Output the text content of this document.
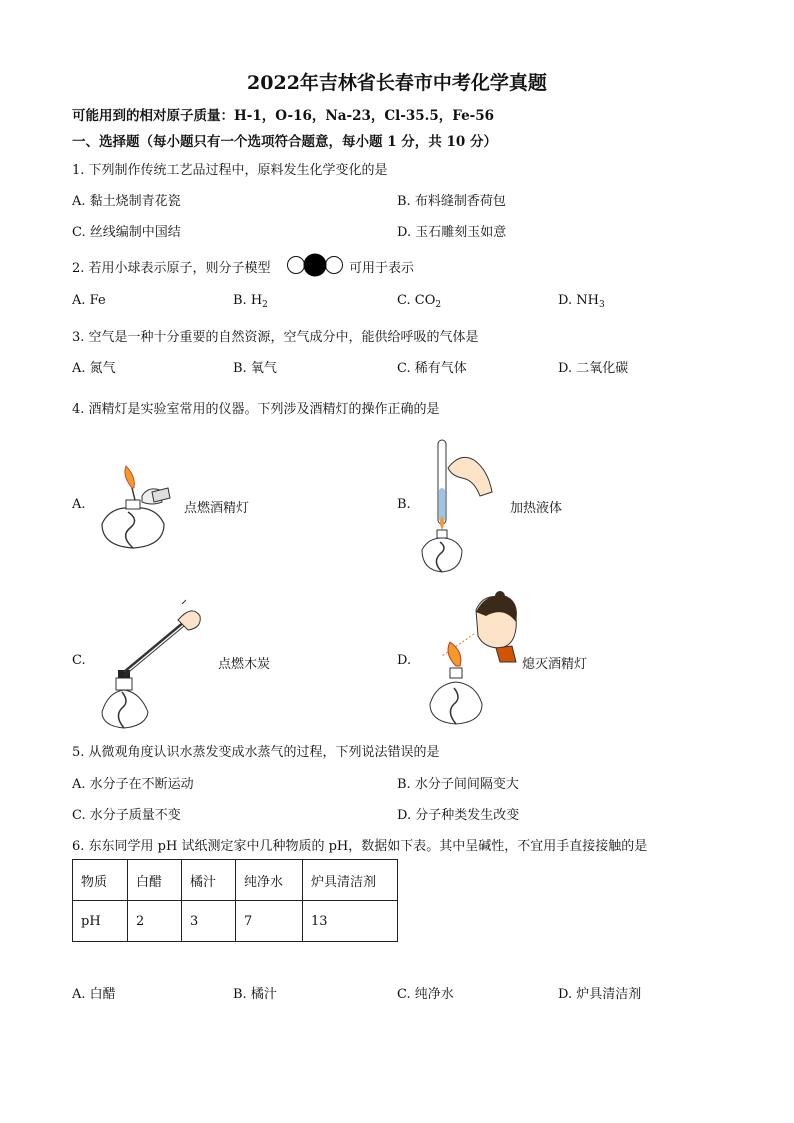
2022年吉林省长春市中考化学真题
可能用到的相对原子质量：H-1，O-16，Na-23，Cl-35.5，Fe-56
一、选择题（每小题只有一个选项符合题意，每小题 1 分，共 10 分）
1. 下列制作传统工艺品过程中，原料发生化学变化的是
A. 黏土烧制青花瓷	B. 布料缝制香荷包
C. 丝线编制中国结	D. 玉石雕刻玉如意
2. 若用小球表示原子，则分子模型	可用于表示
A. Fe	B. $H_2$	C. $CO_2$	D. $NH_3$
3. 空气是一种十分重要的自然资源，空气成分中，能供给呼吸的气体是
A. 氮气	B. 氧气	C. 稀有气体	D. 二氧化碳
4. 酒精灯是实验室常用的仪器。下列涉及酒精灯的操作正确的是
A.	点燃酒精灯	B.	加热液体
C.	点燃木炭	D.	熄灭酒精灯
5. 从微观角度认识水蒸发变成水蒸气的过程，下列说法错误的是
A. 水分子在不断运动	B. 水分子间间隔变大
C. 水分子质量不变	D. 分子种类发生改变
6. 东东同学用 pH 试纸测定家中几种物质的 pH，数据如下表。其中呈碱性，不宜用手直接接触的是
物质	白醋	橘汁	纯净水	炉具清洁剂
pH	2	3	7	13
A. 白醋	B. 橘汁	C. 纯净水	D. 炉具清洁剂
